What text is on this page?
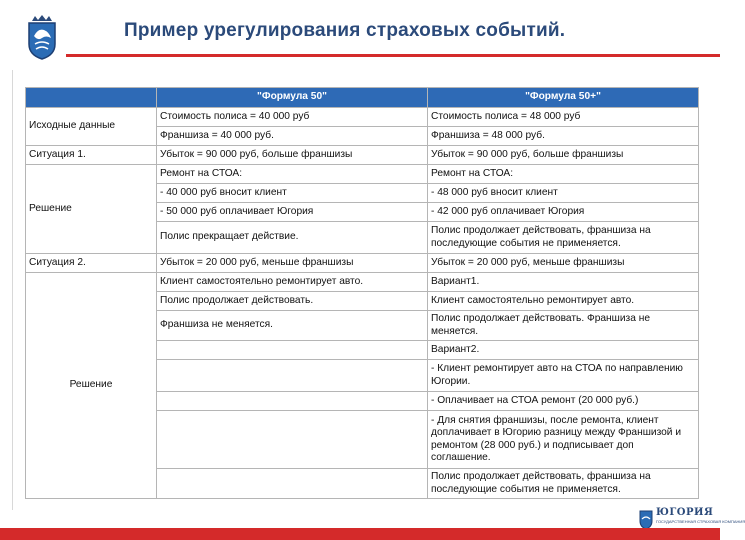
Пример урегулирования страховых событий.
	"Формула 50"	"Формула 50+"
Исходные данные	Стоимость полиса = 40 000 руб	Стоимость полиса = 48 000 руб
	Франшиза = 40 000 руб.	Франшиза = 48 000 руб.
Ситуация 1.	Убыток = 90 000 руб, больше франшизы	Убыток = 90 000 руб, больше франшизы
Решение	Ремонт на СТОА:	Ремонт на СТОА:
	- 40 000 руб вносит клиент	- 48 000 руб вносит клиент
	- 50 000 руб оплачивает Югория	- 42 000 руб оплачивает Югория
	Полис прекращает действие.	Полис продолжает действовать, франшиза на последующие события не применяется.
Ситуация 2.	Убыток = 20 000 руб, меньше франшизы	Убыток = 20 000 руб, меньше франшизы
Решение	Клиент самостоятельно ремонтирует авто.	Вариант1.
	Полис продолжает действовать.	Клиент самостоятельно ремонтирует авто.
	Франшиза не меняется.	Полис продолжает действовать. Франшиза не меняется.
		Вариант2.
		- Клиент ремонтирует авто на СТОА по направлению Югории.
		- Оплачивает на СТОА ремонт (20 000 руб.)
		- Для снятия франшизы, после ремонта, клиент доплачивает в Югорию разницу между Франшизой и ремонтом (28 000 руб.) и подписывает доп соглашение.
		Полис продолжает действовать, франшиза на последующие события не применяется.
ЮГОРИЯ
ГОСУДАРСТВЕННАЯ СТРАХОВАЯ КОМПАНИЯ
